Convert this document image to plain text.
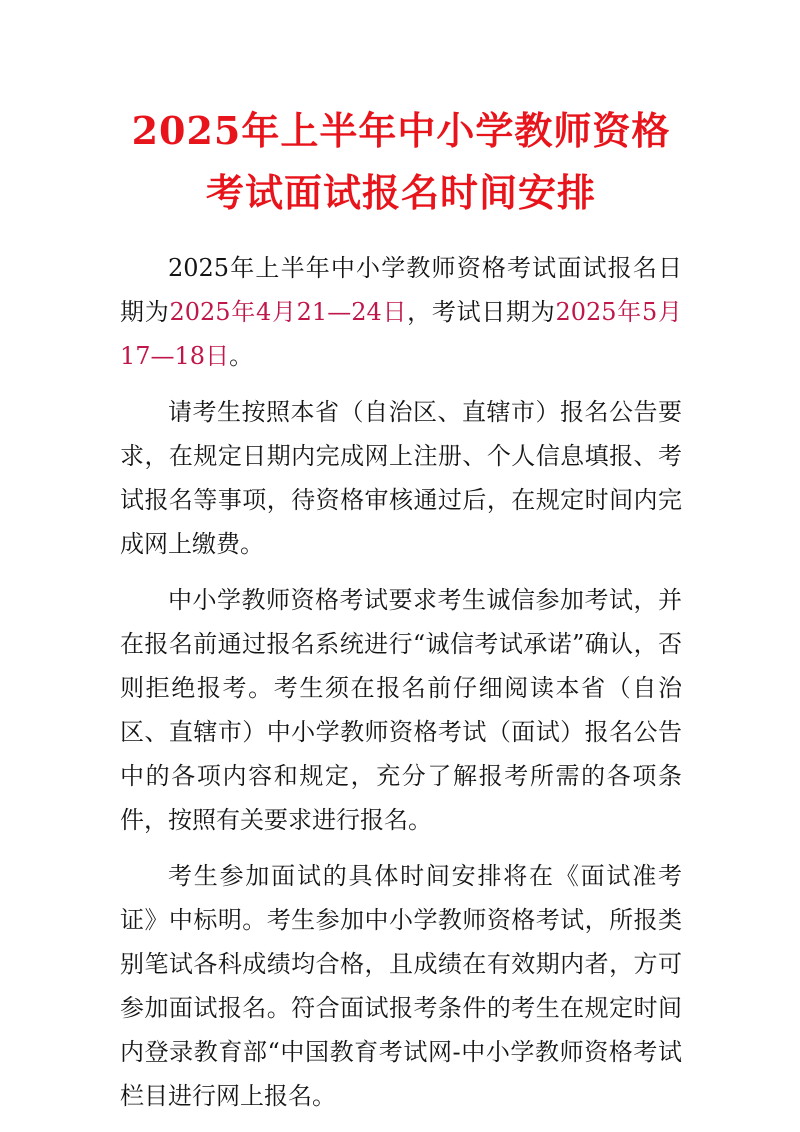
2025年上半年中小学教师资格
考试面试报名时间安排

2025年上半年中小学教师资格考试面试报名日期为2025年4月21—24日，考试日期为2025年5月17—18日。

请考生按照本省（自治区、直辖市）报名公告要求，在规定日期内完成网上注册、个人信息填报、考试报名等事项，待资格审核通过后，在规定时间内完成网上缴费。

中小学教师资格考试要求考生诚信参加考试，并在报名前通过报名系统进行“诚信考试承诺”确认，否则拒绝报考。考生须在报名前仔细阅读本省（自治区、直辖市）中小学教师资格考试（面试）报名公告中的各项内容和规定，充分了解报考所需的各项条件，按照有关要求进行报名。

考生参加面试的具体时间安排将在《面试准考证》中标明。考生参加中小学教师资格考试，所报类别笔试各科成绩均合格，且成绩在有效期内者，方可参加面试报名。符合面试报考条件的考生在规定时间内登录教育部“中国教育考试网-中小学教师资格考试栏目进行网上报名。
